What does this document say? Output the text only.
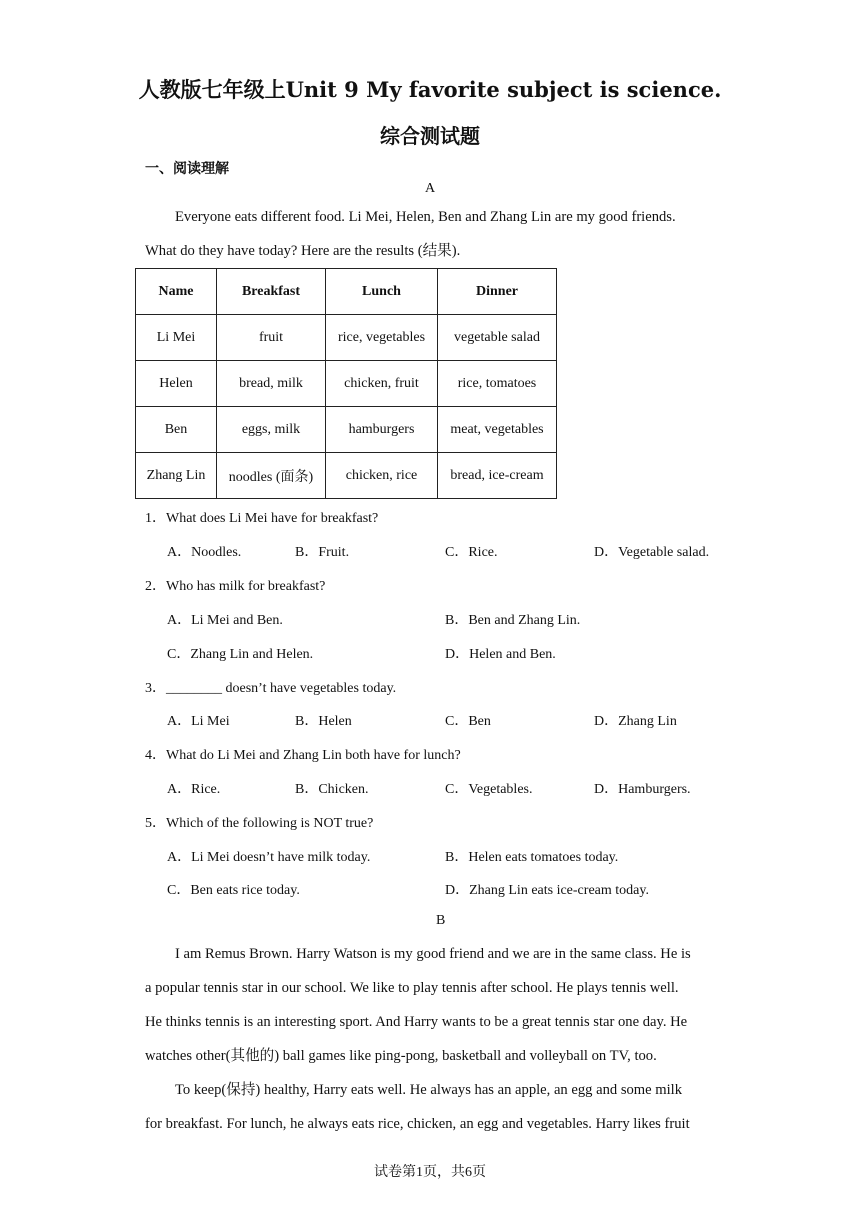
人教版七年级上Unit 9 My favorite subject is science.
综合测试题
一、阅读理解
A
Everyone eats different food. Li Mei, Helen, Ben and Zhang Lin are my good friends.
What do they have today? Here are the results (结果).
Name	Breakfast	Lunch	Dinner
Li Mei	fruit	rice, vegetables	vegetable salad
Helen	bread, milk	chicken, fruit	rice, tomatoes
Ben	eggs, milk	hamburgers	meat, vegetables
Zhang Lin	noodles (面条)	chicken, rice	bread, ice-cream
1．What does Li Mei have for breakfast?
A．Noodles.	B．Fruit.	C．Rice.	D．Vegetable salad.
2．Who has milk for breakfast?
A．Li Mei and Ben.	B．Ben and Zhang Lin.
C．Zhang Lin and Helen.	D．Helen and Ben.
3．________ doesn’t have vegetables today.
A．Li Mei	B．Helen	C．Ben	D．Zhang Lin
4．What do Li Mei and Zhang Lin both have for lunch?
A．Rice.	B．Chicken.	C．Vegetables.	D．Hamburgers.
5．Which of the following is NOT true?
A．Li Mei doesn’t have milk today.	B．Helen eats tomatoes today.
C．Ben eats rice today.	D．Zhang Lin eats ice-cream today.
B
I am Remus Brown. Harry Watson is my good friend and we are in the same class. He is
a popular tennis star in our school. We like to play tennis after school. He plays tennis well.
He thinks tennis is an interesting sport. And Harry wants to be a great tennis star one day. He
watches other(其他的) ball games like ping-pong, basketball and volleyball on TV, too.
To keep(保持) healthy, Harry eats well. He always has an apple, an egg and some milk
for breakfast. For lunch, he always eats rice, chicken, an egg and vegetables. Harry likes fruit
试卷第1页，共6页
